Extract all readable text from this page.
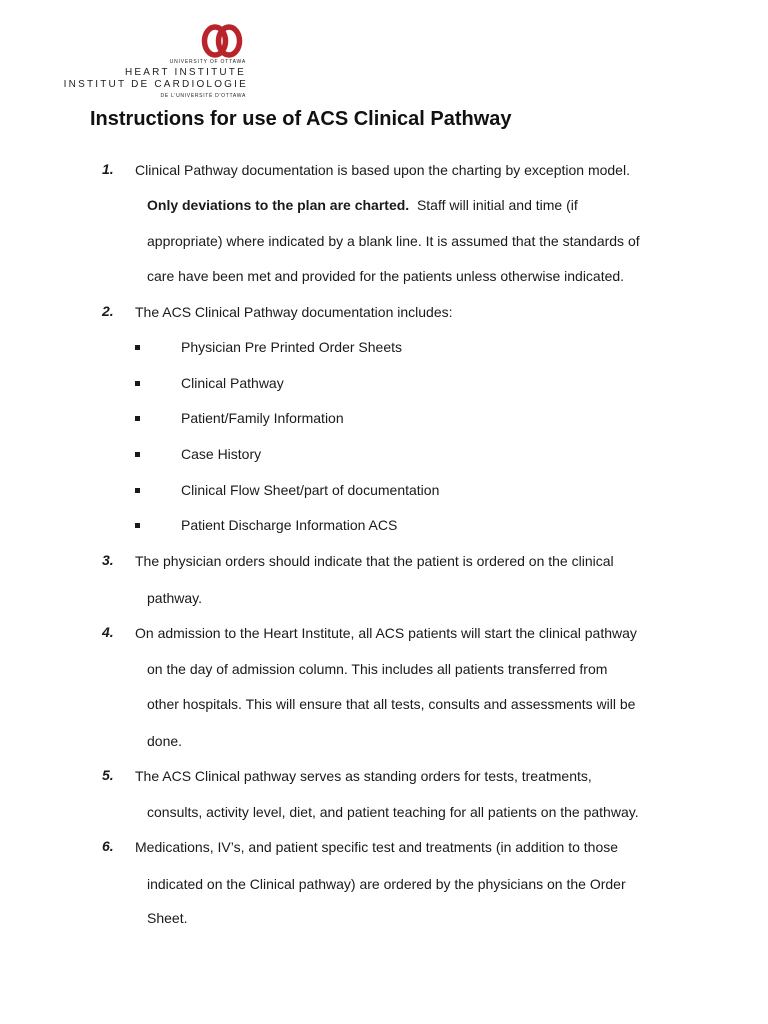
UNIVERSITY OF OTTAWA
HEART INSTITUTE
INSTITUT DE CARDIOLOGIE
DE L'UNIVERSITÉ D'OTTAWA
Instructions for use of ACS Clinical Pathway
1. Clinical Pathway documentation is based upon the charting by exception model.
Only deviations to the plan are charted.  Staff will initial and time (if
appropriate) where indicated by a blank line. It is assumed that the standards of
care have been met and provided for the patients unless otherwise indicated.
2. The ACS Clinical Pathway documentation includes:
Physician Pre Printed Order Sheets
Clinical Pathway
Patient/Family Information
Case History
Clinical Flow Sheet/part of documentation
Patient Discharge Information ACS
3. The physician orders should indicate that the patient is ordered on the clinical
pathway.
4. On admission to the Heart Institute, all ACS patients will start the clinical pathway
on the day of admission column. This includes all patients transferred from
other hospitals. This will ensure that all tests, consults and assessments will be
done.
5. The ACS Clinical pathway serves as standing orders for tests, treatments,
consults, activity level, diet, and patient teaching for all patients on the pathway.
6. Medications, IV’s, and patient specific test and treatments (in addition to those
indicated on the Clinical pathway) are ordered by the physicians on the Order
Sheet.
